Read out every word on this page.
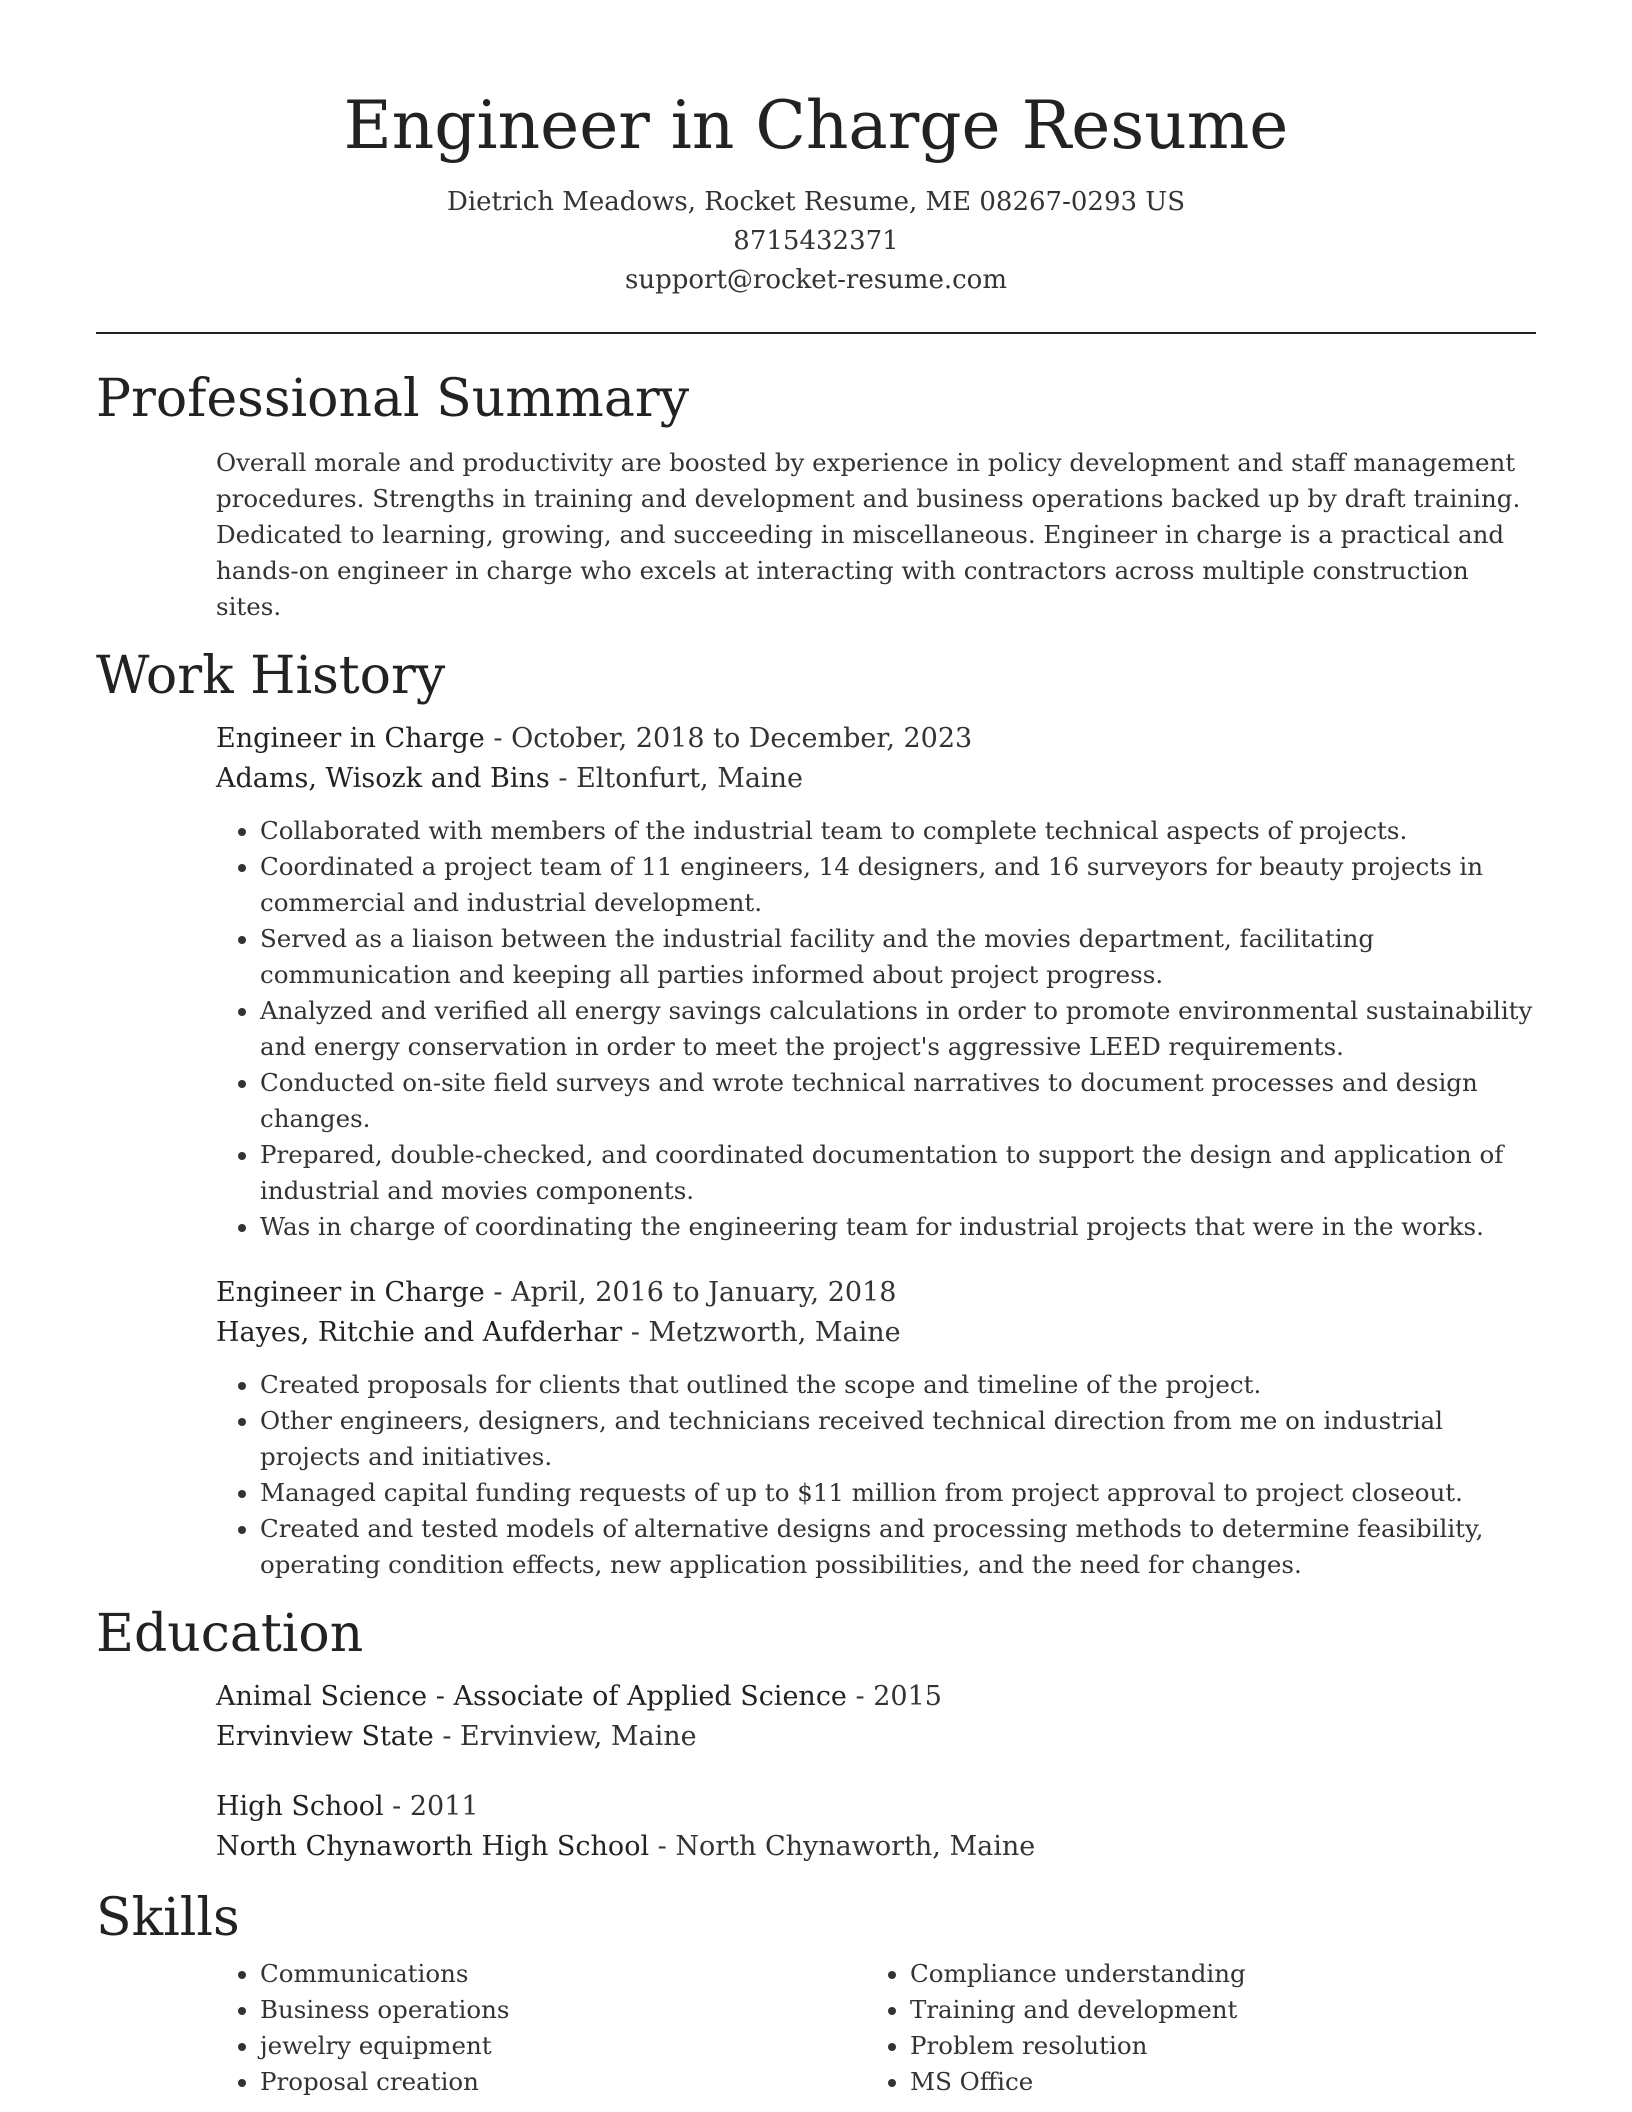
Engineer in Charge Resume
Dietrich Meadows, Rocket Resume, ME 08267-0293 US
8715432371
support@rocket-resume.com
Professional Summary

Overall morale and productivity are boosted by experience in policy development and staff management procedures. Strengths in training and development and business operations backed up by draft training. Dedicated to learning, growing, and succeeding in miscellaneous. Engineer in charge is a practical and hands-on engineer in charge who excels at interacting with contractors across multiple construction sites.

Work History
Engineer in Charge - October, 2018 to December, 2023
Adams, Wisozk and Bins - Eltonfurt, Maine
• Collaborated with members of the industrial team to complete technical aspects of projects.
• Coordinated a project team of 11 engineers, 14 designers, and 16 surveyors for beauty projects in commercial and industrial development.
• Served as a liaison between the industrial facility and the movies department, facilitating communication and keeping all parties informed about project progress.
• Analyzed and verified all energy savings calculations in order to promote environmental sustainability and energy conservation in order to meet the project's aggressive LEED requirements.
• Conducted on-site field surveys and wrote technical narratives to document processes and design changes.
• Prepared, double-checked, and coordinated documentation to support the design and application of industrial and movies components.
• Was in charge of coordinating the engineering team for industrial projects that were in the works.
Engineer in Charge - April, 2016 to January, 2018
Hayes, Ritchie and Aufderhar - Metzworth, Maine
• Created proposals for clients that outlined the scope and timeline of the project.
• Other engineers, designers, and technicians received technical direction from me on industrial projects and initiatives.
• Managed capital funding requests of up to $11 million from project approval to project closeout.
• Created and tested models of alternative designs and processing methods to determine feasibility, operating condition effects, new application possibilities, and the need for changes.
Education
Animal Science - Associate of Applied Science - 2015
Ervinview State - Ervinview, Maine
High School - 2011
North Chynaworth High School - North Chynaworth, Maine
Skills
• Communications
• Business operations
• jewelry equipment
• Proposal creation
• Compliance understanding
• Training and development
• Problem resolution
• MS Office
